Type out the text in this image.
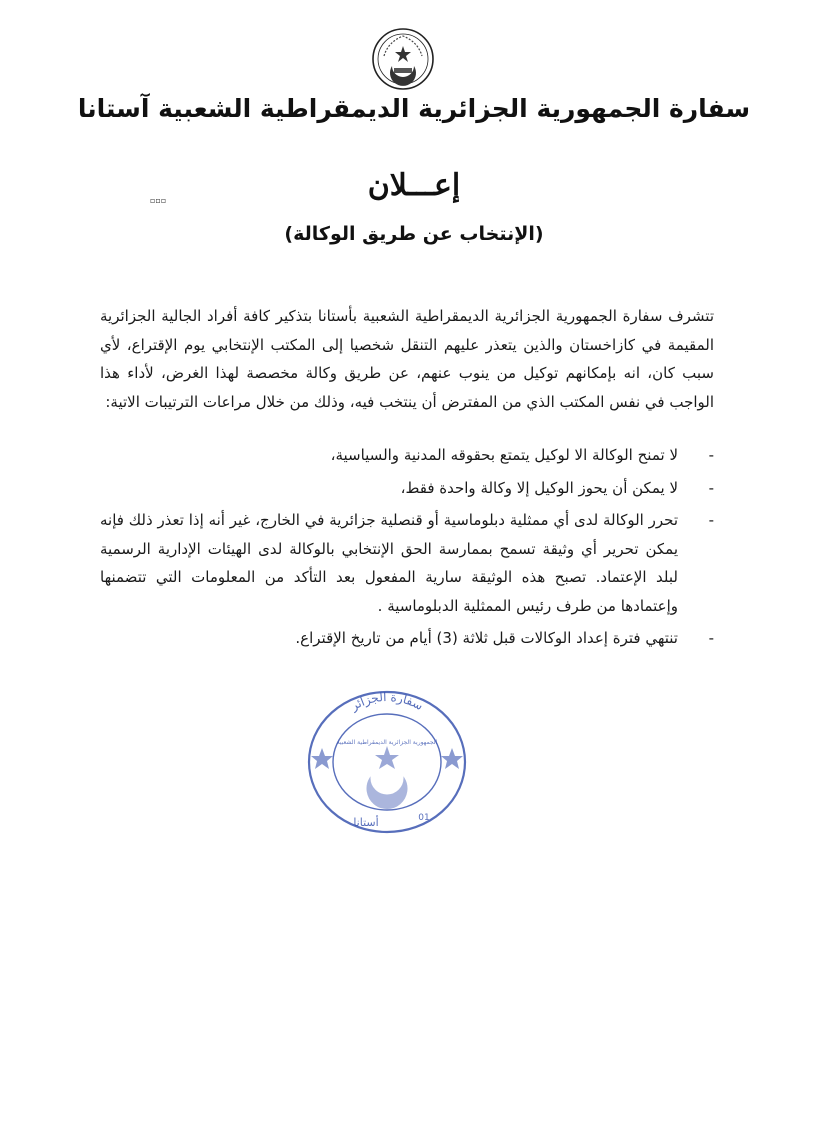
سفارة الجمهورية الجزائرية الديمقراطية الشعبية آستانا
▫▫▫	إعـــلان
(الإنتخاب عن طريق الوكالة)

تتشرف سفارة الجمهورية الجزائرية الديمقراطية الشعبية بأستانا بتذكير كافة أفراد الجالية الجزائرية المقيمة في كازاخستان والذين يتعذر عليهم التنقل شخصيا إلى المكتب الإنتخابي يوم الإقتراع، لأي سبب كان، انه بإمكانهم توكيل من ينوب عنهم، عن طريق وكالة مخصصة لهذا الغرض، لأداء هذا الواجب في نفس المكتب الذي من المفترض أن ينتخب فيه، وذلك من خلال مراعات الترتيبات الاتية:

-
لا تمنح الوكالة الا لوكيل يتمتع بحقوقه المدنية والسياسية،
-
لا يمكن أن يحوز الوكيل إلا وكالة واحدة فقط،
-
تحرر الوكالة لدى أي ممثلية دبلوماسية أو قنصلية جزائرية في الخارج، غير أنه إذا تعذر ذلك فإنه يمكن تحرير أي وثيقة تسمح بممارسة الحق الإنتخابي بالوكالة لدى الهيئات الإدارية الرسمية لبلد الإعتماد. تصبح هذه الوثيقة سارية المفعول بعد التأكد من المعلومات التي تتضمنها وإعتمادها من طرف رئيس الممثلية الدبلوماسية .
-
تنتهي فترة إعداد الوكالات قبل ثلاثة (3) أيام من تاريخ الإقتراع.
سفارة الجزائر
الجمهورية الجزائرية الديمقراطية الشعبية
أستانا	01
